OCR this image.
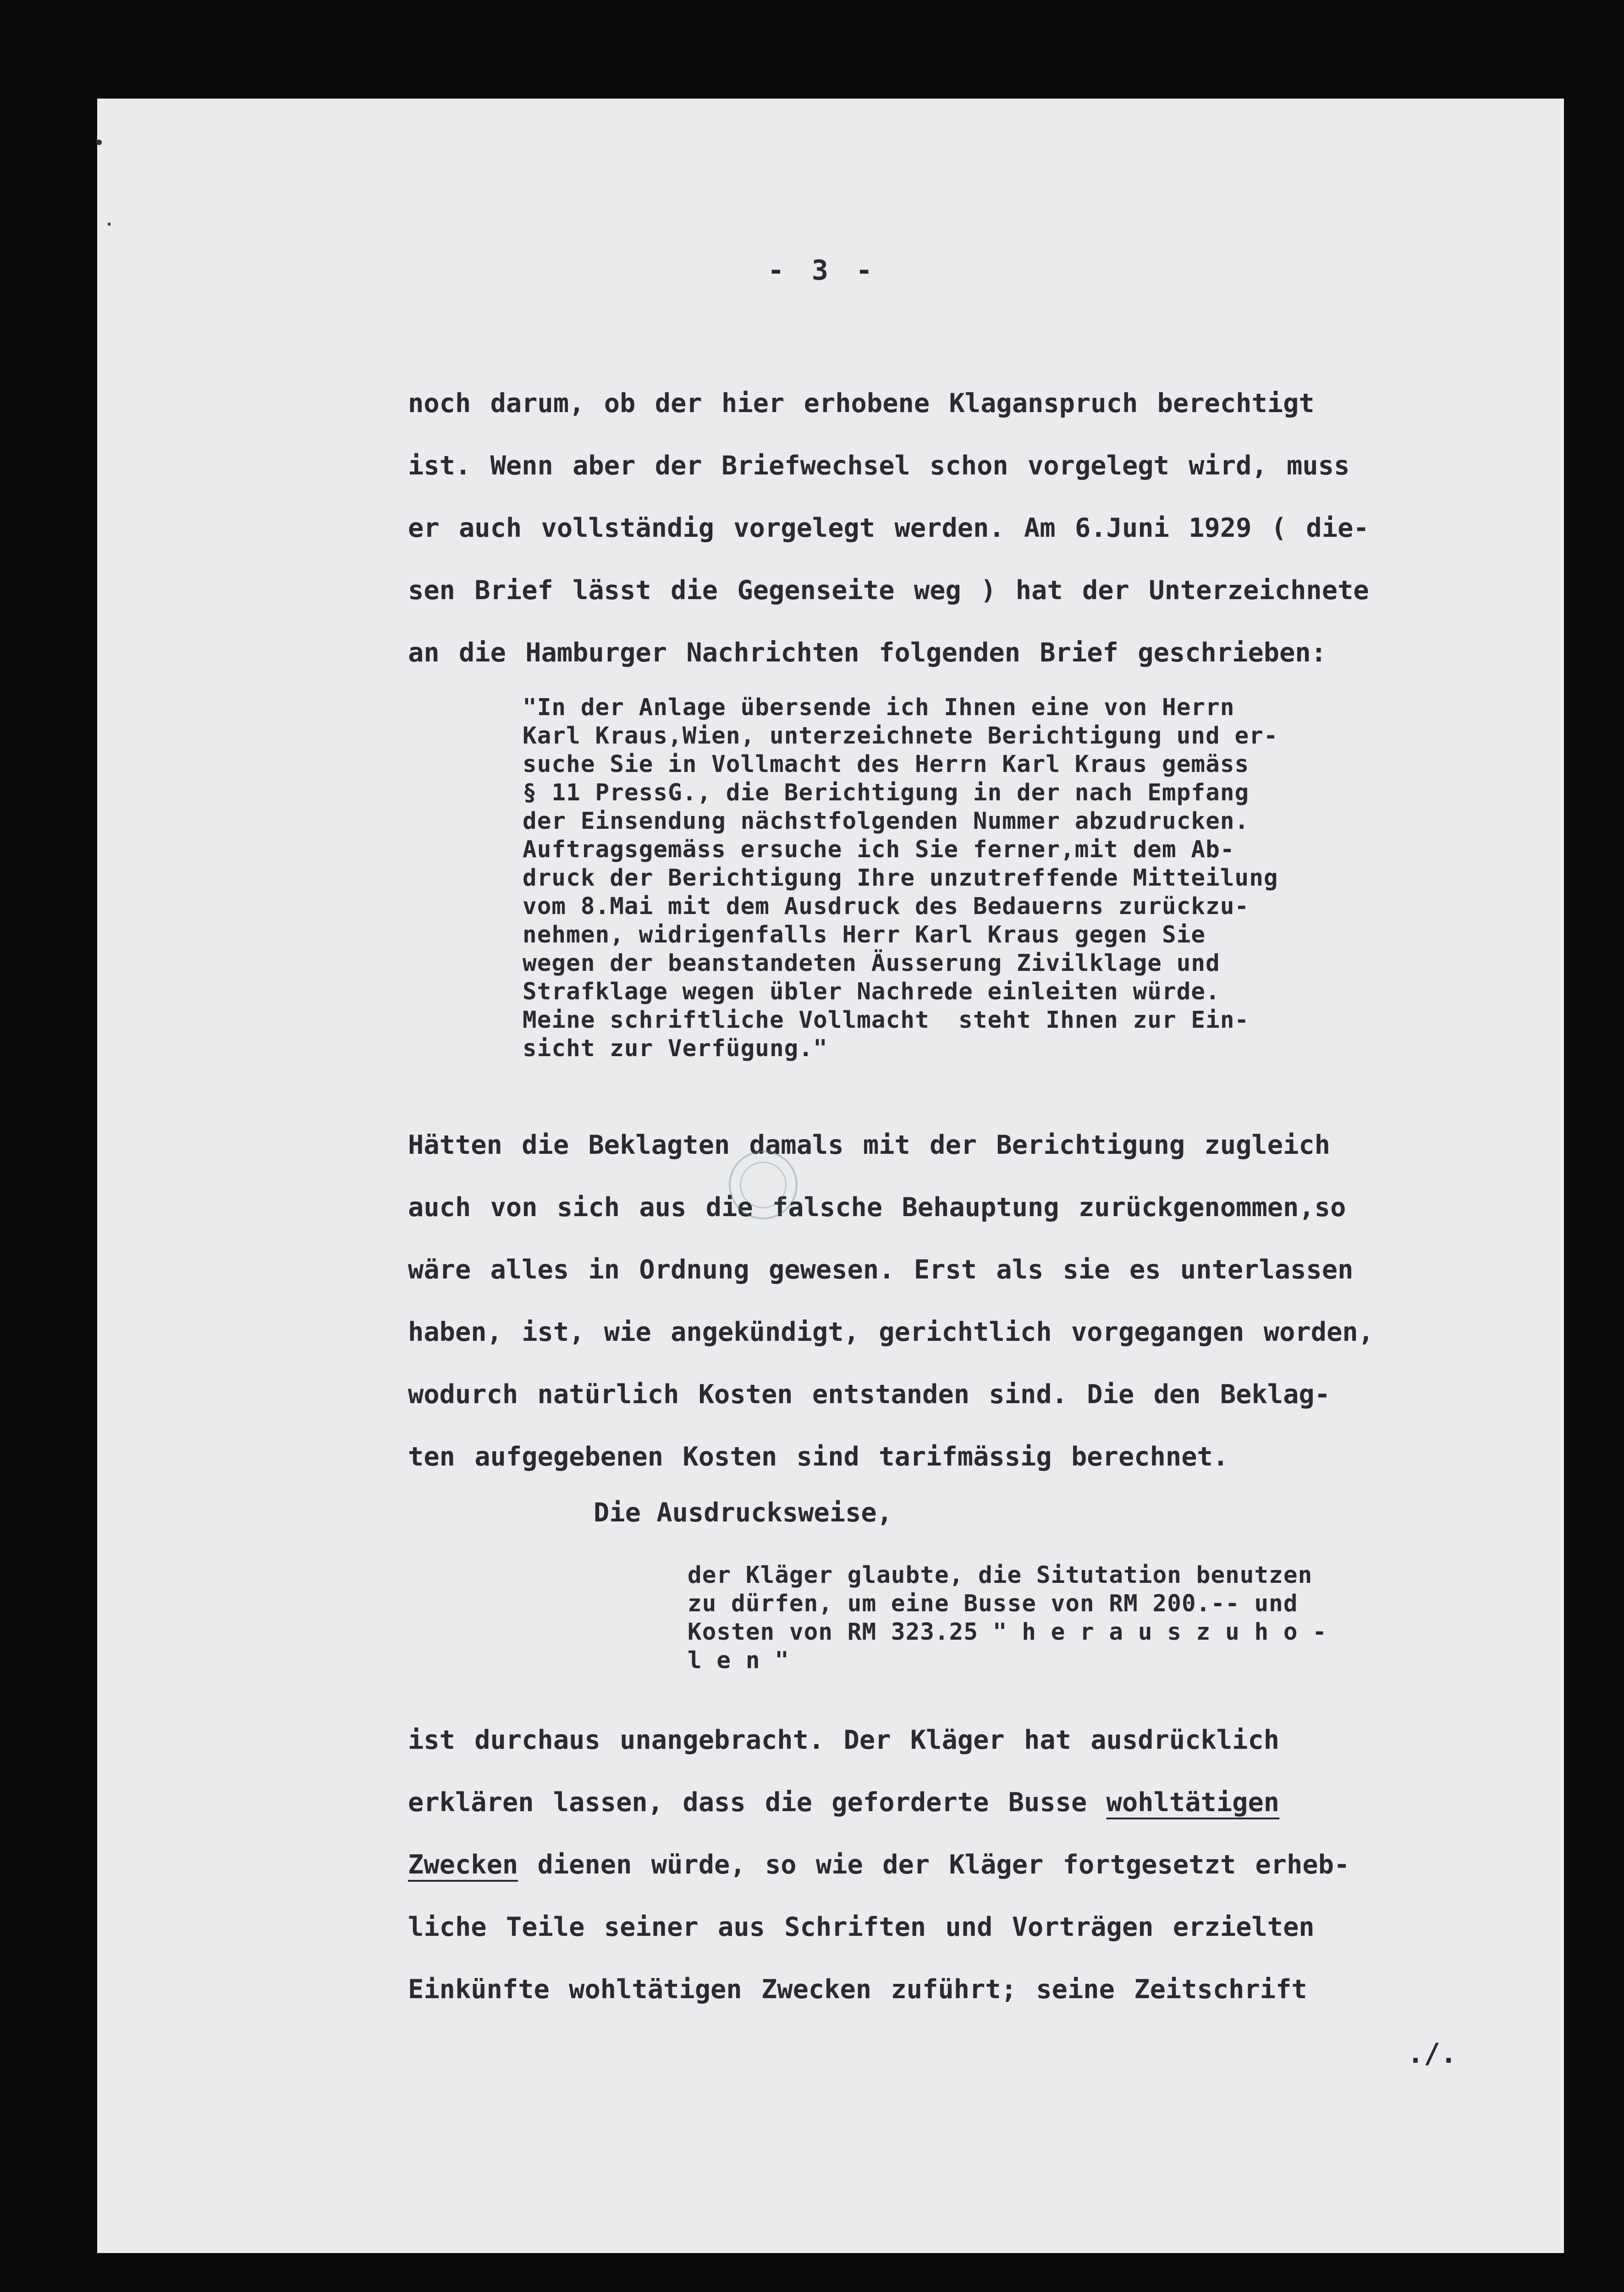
•
·
- 3 -
noch darum, ob der hier erhobene Klaganspruch berechtigt
ist. Wenn aber der Briefwechsel schon vorgelegt wird, muss
er auch vollständig vorgelegt werden. Am 6.Juni 1929 ( die-
sen Brief lässt die Gegenseite weg ) hat der Unterzeichnete
an die Hamburger Nachrichten folgenden Brief geschrieben:
"In der Anlage übersende ich Ihnen eine von Herrn
Karl Kraus,Wien, unterzeichnete Berichtigung und er-
suche Sie in Vollmacht des Herrn Karl Kraus gemäss
§ 11 PressG., die Berichtigung in der nach Empfang
der Einsendung nächstfolgenden Nummer abzudrucken.
Auftragsgemäss ersuche ich Sie ferner,mit dem Ab-
druck der Berichtigung Ihre unzutreffende Mitteilung
vom 8.Mai mit dem Ausdruck des Bedauerns zurückzu-
nehmen, widrigenfalls Herr Karl Kraus gegen Sie
wegen der beanstandeten Äusserung Zivilklage und
Strafklage wegen übler Nachrede einleiten würde.
Meine schriftliche Vollmacht  steht Ihnen zur Ein-
sicht zur Verfügung."
Hätten die Beklagten damals mit der Berichtigung zugleich
auch von sich aus die falsche Behauptung zurückgenommen,so
wäre alles in Ordnung gewesen. Erst als sie es unterlassen
haben, ist, wie angekündigt, gerichtlich vorgegangen worden,
wodurch natürlich Kosten entstanden sind. Die den Beklag-
ten aufgegebenen Kosten sind tarifmässig berechnet.
Die Ausdrucksweise,
der Kläger glaubte, die Situtation benutzen
zu dürfen, um eine Busse von RM 200.-- und
Kosten von RM 323.25 " h e r a u s z u h o -
l e n "
ist durchaus unangebracht. Der Kläger hat ausdrücklich
erklären lassen, dass die geforderte Busse wohltätigen
Zwecken dienen würde, so wie der Kläger fortgesetzt erheb-
liche Teile seiner aus Schriften und Vorträgen erzielten
Einkünfte wohltätigen Zwecken zuführt; seine Zeitschrift
./.
